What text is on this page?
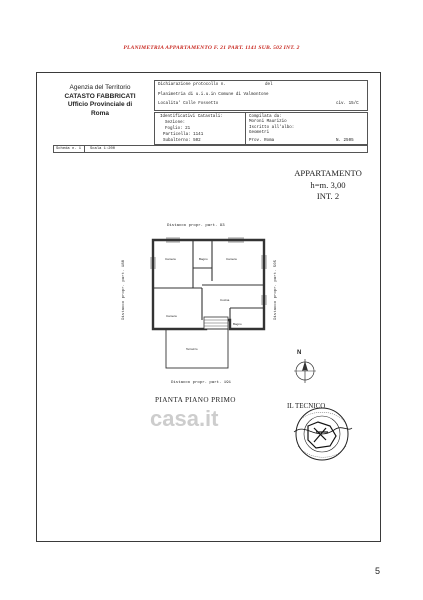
PLANIMETRIA APPARTAMENTO F. 21 PART. 1141 SUB. 502 INT. 2
Agenzia del Territorio
CATASTO FABBRICATI
Ufficio Provinciale di
Roma
Dichiarazione protocollo n.	del
Planimetria di u.i.u.in Comune di Valmontone
Localita' Colle Fossetto	civ. 15/C
Identificativi Catastali:
Sezione:
Foglio: 21
Particella: 1141
Subalterno: 502
Compilata da:
Moroni Maurizio
Iscritto all'albo:
Geometri
Prov. Roma	N. 2505
Scheda n. 1 Scala 1:200
APPARTAMENTO
h=m. 3,00
INT. 2
Distacco propr. part. 93
Distacco propr. part. 191
Distacco propr. part. 188	Distacco propr. part. 505
Camera	Bagno	Camera
Camera
Cucina
Bagno
Terrazzo
N
PIANTA PIANO PRIMO
casa.it	IL TECNICO
5
